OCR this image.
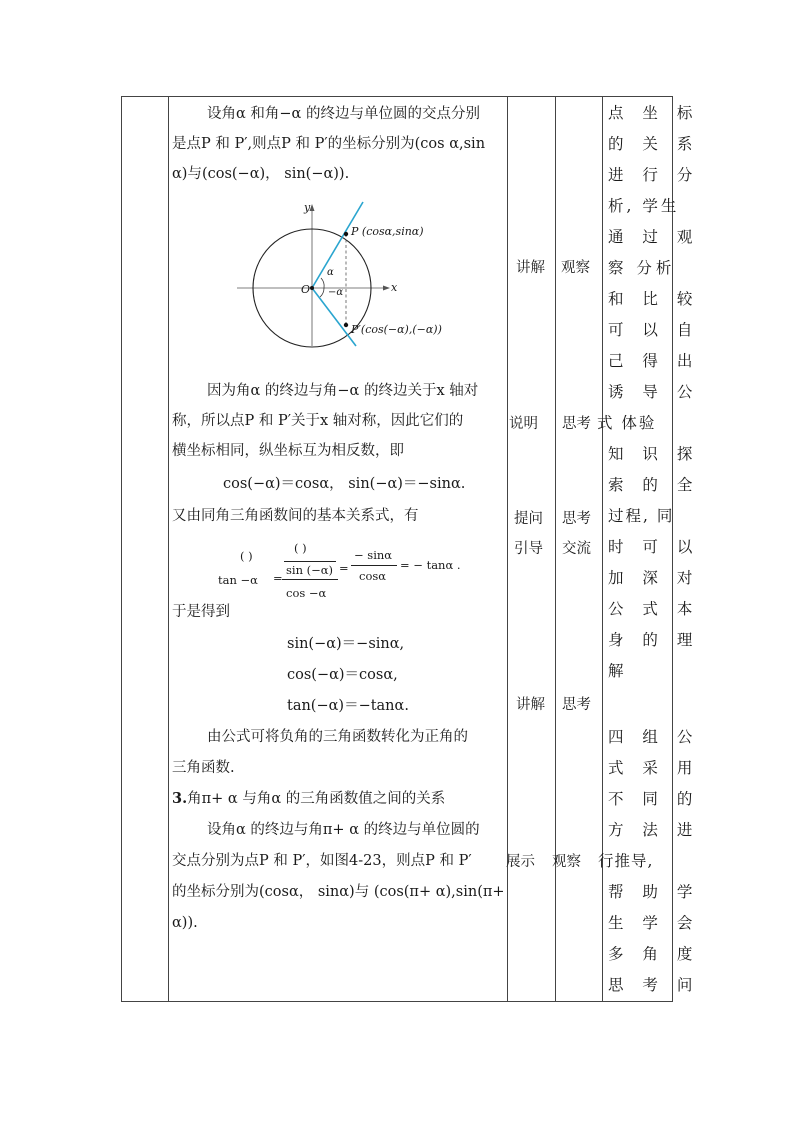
设角α 和角−α 的终边与单位圆的交点分别
是点P 和 P′,则点P 和 P′的坐标分别为(cos α,sin
α)与(cos(−α)， sin(−α)).
P (cosα,sinα)
P′(cos(−α),(−α))
O	x
y
α
−α
因为角α 的终边与角−α 的终边关于x 轴对
称，所以点P 和 P′关于x 轴对称，因此它们的
横坐标相同，纵坐标互为相反数，即
cos(−α)＝cosα， sin(−α)＝−sinα.
又由同角三角函数间的基本关系式，有
( )
tan −α =
( )
sin (−α)
cos −α
=
− sinα
cosα
= − tanα .
于是得到
sin(−α)＝−sinα,
cos(−α)＝cosα,
tan(−α)＝−tanα.
由公式可将负角的三角函数转化为正角的
三角函数.
3.角π+ α 与角α 的三角函数值之间的关系
设角α 的终边与角π+ α 的终边与单位圆的
交点分别为点P 和 P′，如图4-23，则点P 和 P′
的坐标分别为(cosα， sinα)与 (cos(π+ α),sin(π+
α)).
讲解
说明
提问
引导
讲解
展示
观察
思考
思考
交流
思考
观察
点 坐 标
的 关 系
进 行 分
析, 学生
通 过 观
察 分析
和 比 较
可 以 自
己 得 出
诱 导 公
式 体验
知 识 探
索 的 全
过程, 同
时 可 以
加 深 对
公 式 本
身 的 理
解
四 组 公
式 采 用
不 同 的
方 法 进
行推导,
帮 助 学
生 学 会
多 角 度
思 考 问
